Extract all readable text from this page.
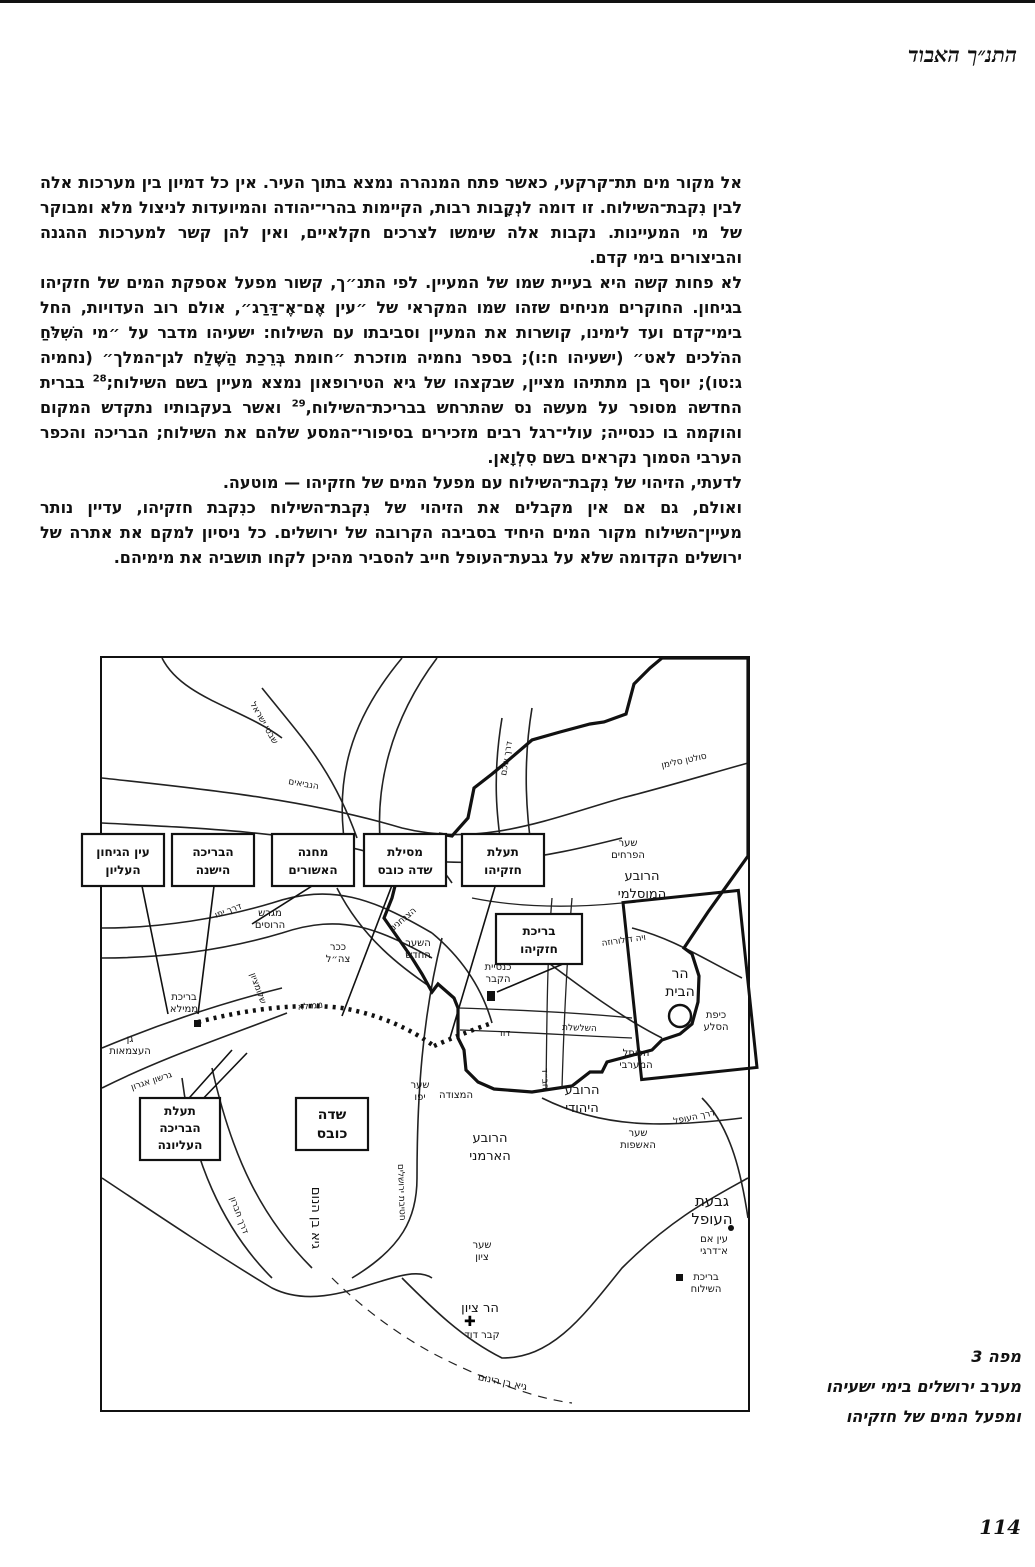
התנ״ך האבוד

אל מקור מים תת־קרקעי, כאשר פתח המנהרה נמצא בתוך העיר. אין כל דמיון בין מערכות אלה לבין נִקבת־השילוח. זו דומה לנְקָבות רבות, הקיימות בהרי־יהודה והמיועדות לניצול מלא ומבוקר של מי המעיינות. נקבות אלה שימשו לצרכים חקלאיים, ואין להן קשר למערכות ההגנה והביצורים בימי קדם.

לא פחות קשה היא בעיית שמו של המעיין. לפי התנ״ך, קשור מפעל אספקת המים של חזקיהו בגיחון. החוקרים מניחים שזהו שמו המקראי של ״עין אֶם־אֶ־דַּרַג״, אולם רוב העדויות, החל בימי־קדם ועד לימינו, קושרות את המעיין וסביבתו עם השילוח: ישעיהו מדבר על ״מי השִׁלֹּחַ ההֹלכים לאט״ (ישעיהו ח:ו); בספר נחמיה מוזכרת ״חומת בְּרֵכַת הַשֶּׁלַח לגן־המלך״ (נחמיה ג:טו); יוסף בן מתתיהו מציין, שבקצהו של גיא הטירופאון נמצא מעיין בשם השילוח;$^{28}$ בברית החדשה מסופר על מעשה נס שהתרחש בבריכת־השילוח,$^{29}$ ואשר בעקבותיו נתקדש המקום והוקמה בו כנסייה; עולי־רגל רבים מזכירים בסיפורי־המסע שלהם את השילוח; הבריכה והכפר הערבי הסמוך נקראים בשם סִלְוָאן.

לדעתי, הזיהוי של נִקבת־השילוח עם מפעל המים של חזקיהו — מוטעה.

ואולם, גם אם אין מקבלים את הזיהוי של נִקבת־השילוח כנִקבת חזקיהו, עדיין נותר מעיין־השילוח מקור המים היחיד בסביבה הקרובה של ירושלים. כל ניסיון למקם את אתרה של ירושלים הקדומה שלא על גבעת־העופל חייב להסביר מהיכן לקחו תושביה את מימיהם.

✚
עין הגיחון
העליון
הבריכה
הישנה
מחנה
האשורים
מסילת
שדה כובס
תעלת
חזקיהו
בריכת
חזקיהו
תעלת
הבריכה
העליונה
שדה
כובס
הרובע
המוסלמי
הר
הבית
הרובע
היהודי
הרובע
הארמני
גבעת
העופל
הר ציון
שער
הפרחים
מגרש
הרוסים
ככר
צה״ל
השער
החדש
כנסיית
הקבר
כיפת
הסלע
בריכת
ממילא
גן
העצמאות
שער
יפו המצודה
הכותל
המערבי
שער
האשפות
שער
ציון
קבר דוד
עין אם
א־דרגי
בריכת
השילוח
גיא בן הינום
גיא בן הנום
שבטי ישראל
הנביאים
דרך שכם	סולטן סלימן
ויה דולורוזה
דרך יפו
שלומציון
הצנחנים
השלשלת
דוד
חב״ד
ממילא
גרשון אגרון
דרך העופל
דרך חברון	חטיבת ירושלים
מפה 3
מערב ירושלים בימי ישעיהו
ומפעל המים של חזקיהו
114
